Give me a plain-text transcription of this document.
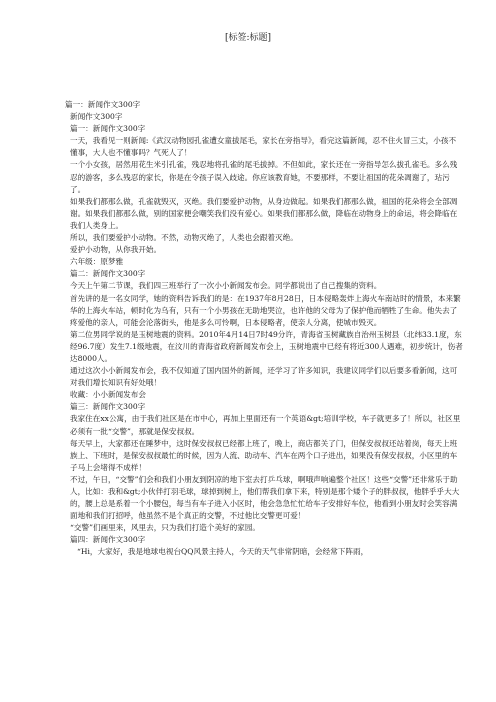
[标签:标题]

篇一：新闻作文300字

新闻作文300字

篇一：新闻作文300字

一天，我看见一则新闻:《武汉动物园孔雀遭女童拔尾毛，家长在旁指导》，看完这篇新闻，忍不住火冒三丈，小孩不懂事，大人也不懂事吗？气死人了！

一个小女孩，居然用花生米引孔雀，残忍地将孔雀的尾毛拔掉。不但如此，家长还在一旁指导怎么拔孔雀毛。多么残忍的游客，多么残忍的家长，你是在令孩子误入歧途。你应该教育她，不要那样，不要让祖国的花朵凋谢了，玷污了。

如果我们都那么做，孔雀就毁灭，灭绝。我们要爱护动物，从身边做起。如果我们都那么做，祖国的花朵将会全部凋谢。如果我们都那么做，别的国家便会嘲笑我们没有爱心。如果我们都那么做，降临在动物身上的命运，将会降临在我们人类身上。

所以，我们要爱护小动物。不然，动物灭绝了，人类也会跟着灭绝。

爱护小动物，从你我开始。

六年级：原梦雅

篇二：新闻作文300字

今天上午第二节课，我们四三班举行了一次小小新闻发布会。同学都说出了自己搜集的资料。

首先讲的是一名女同学，她的资料告诉我们的是：在1937年8月28日，日本侵略轰炸上海火车南站时的情景，本来繁华的上海火车站，顿时化为乌有，只有一个小男孩在无助地哭泣，也许他的父母为了保护他而牺牲了生命。他失去了疼爱他的亲人，可能会沦落街头，他是多么可怜啊，日本侵略者，使亲人分离，使城市毁灭。

第二位男同学说的是玉树地震的资料。2010年4月14日7时49分许，青海省玉树藏族自治州玉树县（北纬33.1度，东经96.7度）发生7.1级地震，在汶川的青海省政府新闻发布会上，玉树地震中已经有将近300人遇难，初步统计，伤者达8000人。

通过这次小小新闻发布会，我不仅知道了国内国外的新闻，还学习了许多知识，我建议同学们以后要多看新闻，这可对我们增长知识有好处哦！

收藏：小小新闻发布会

篇三：新闻作文300字

我家住在xx公寓，由于我们社区是在市中心，再加上里面还有一个英语&gt;培训学校，车子就更多了！所以，社区里必须有一批“交警”，那就是保安叔叔。

每天早上，大家都还在睡梦中，这时保安叔叔已经都上班了，晚上，商店都关了门，但保安叔叔还站着岗，每天上班族上、下班时，是保安叔叔最忙的时候，因为人流、助动车、汽车在两个口子进出，如果没有保安叔叔，小区里的车子马上会堵得不成样！

不过，午日，“交警”们会和我们小朋友到阴凉的地下室去打乒乓球，啊哦声响遍整个社区！这些“交警”还非常乐于助人，比如：我和&gt;小伙伴打羽毛球，球掉到树上，他们帮我们拿下来，特别是那个矮个子的胖叔叔，他胖乎乎大大的，腰上总是系着一个小腰包，每当有车子进入小区时，他会急急忙忙给车子安排好车位，他看到小朋友时会笑容满面地和我们打招呼，他虽然不是个真正的交警，不过他比交警更可爱！

“交警”们画里来，风里去，只为我们打造个美好的家园。

篇四：新闻作文300字

“Hi，大家好，我是地球电视台QQ风景主持人，今天的天气非常阴暗，会经常下阵雨，
